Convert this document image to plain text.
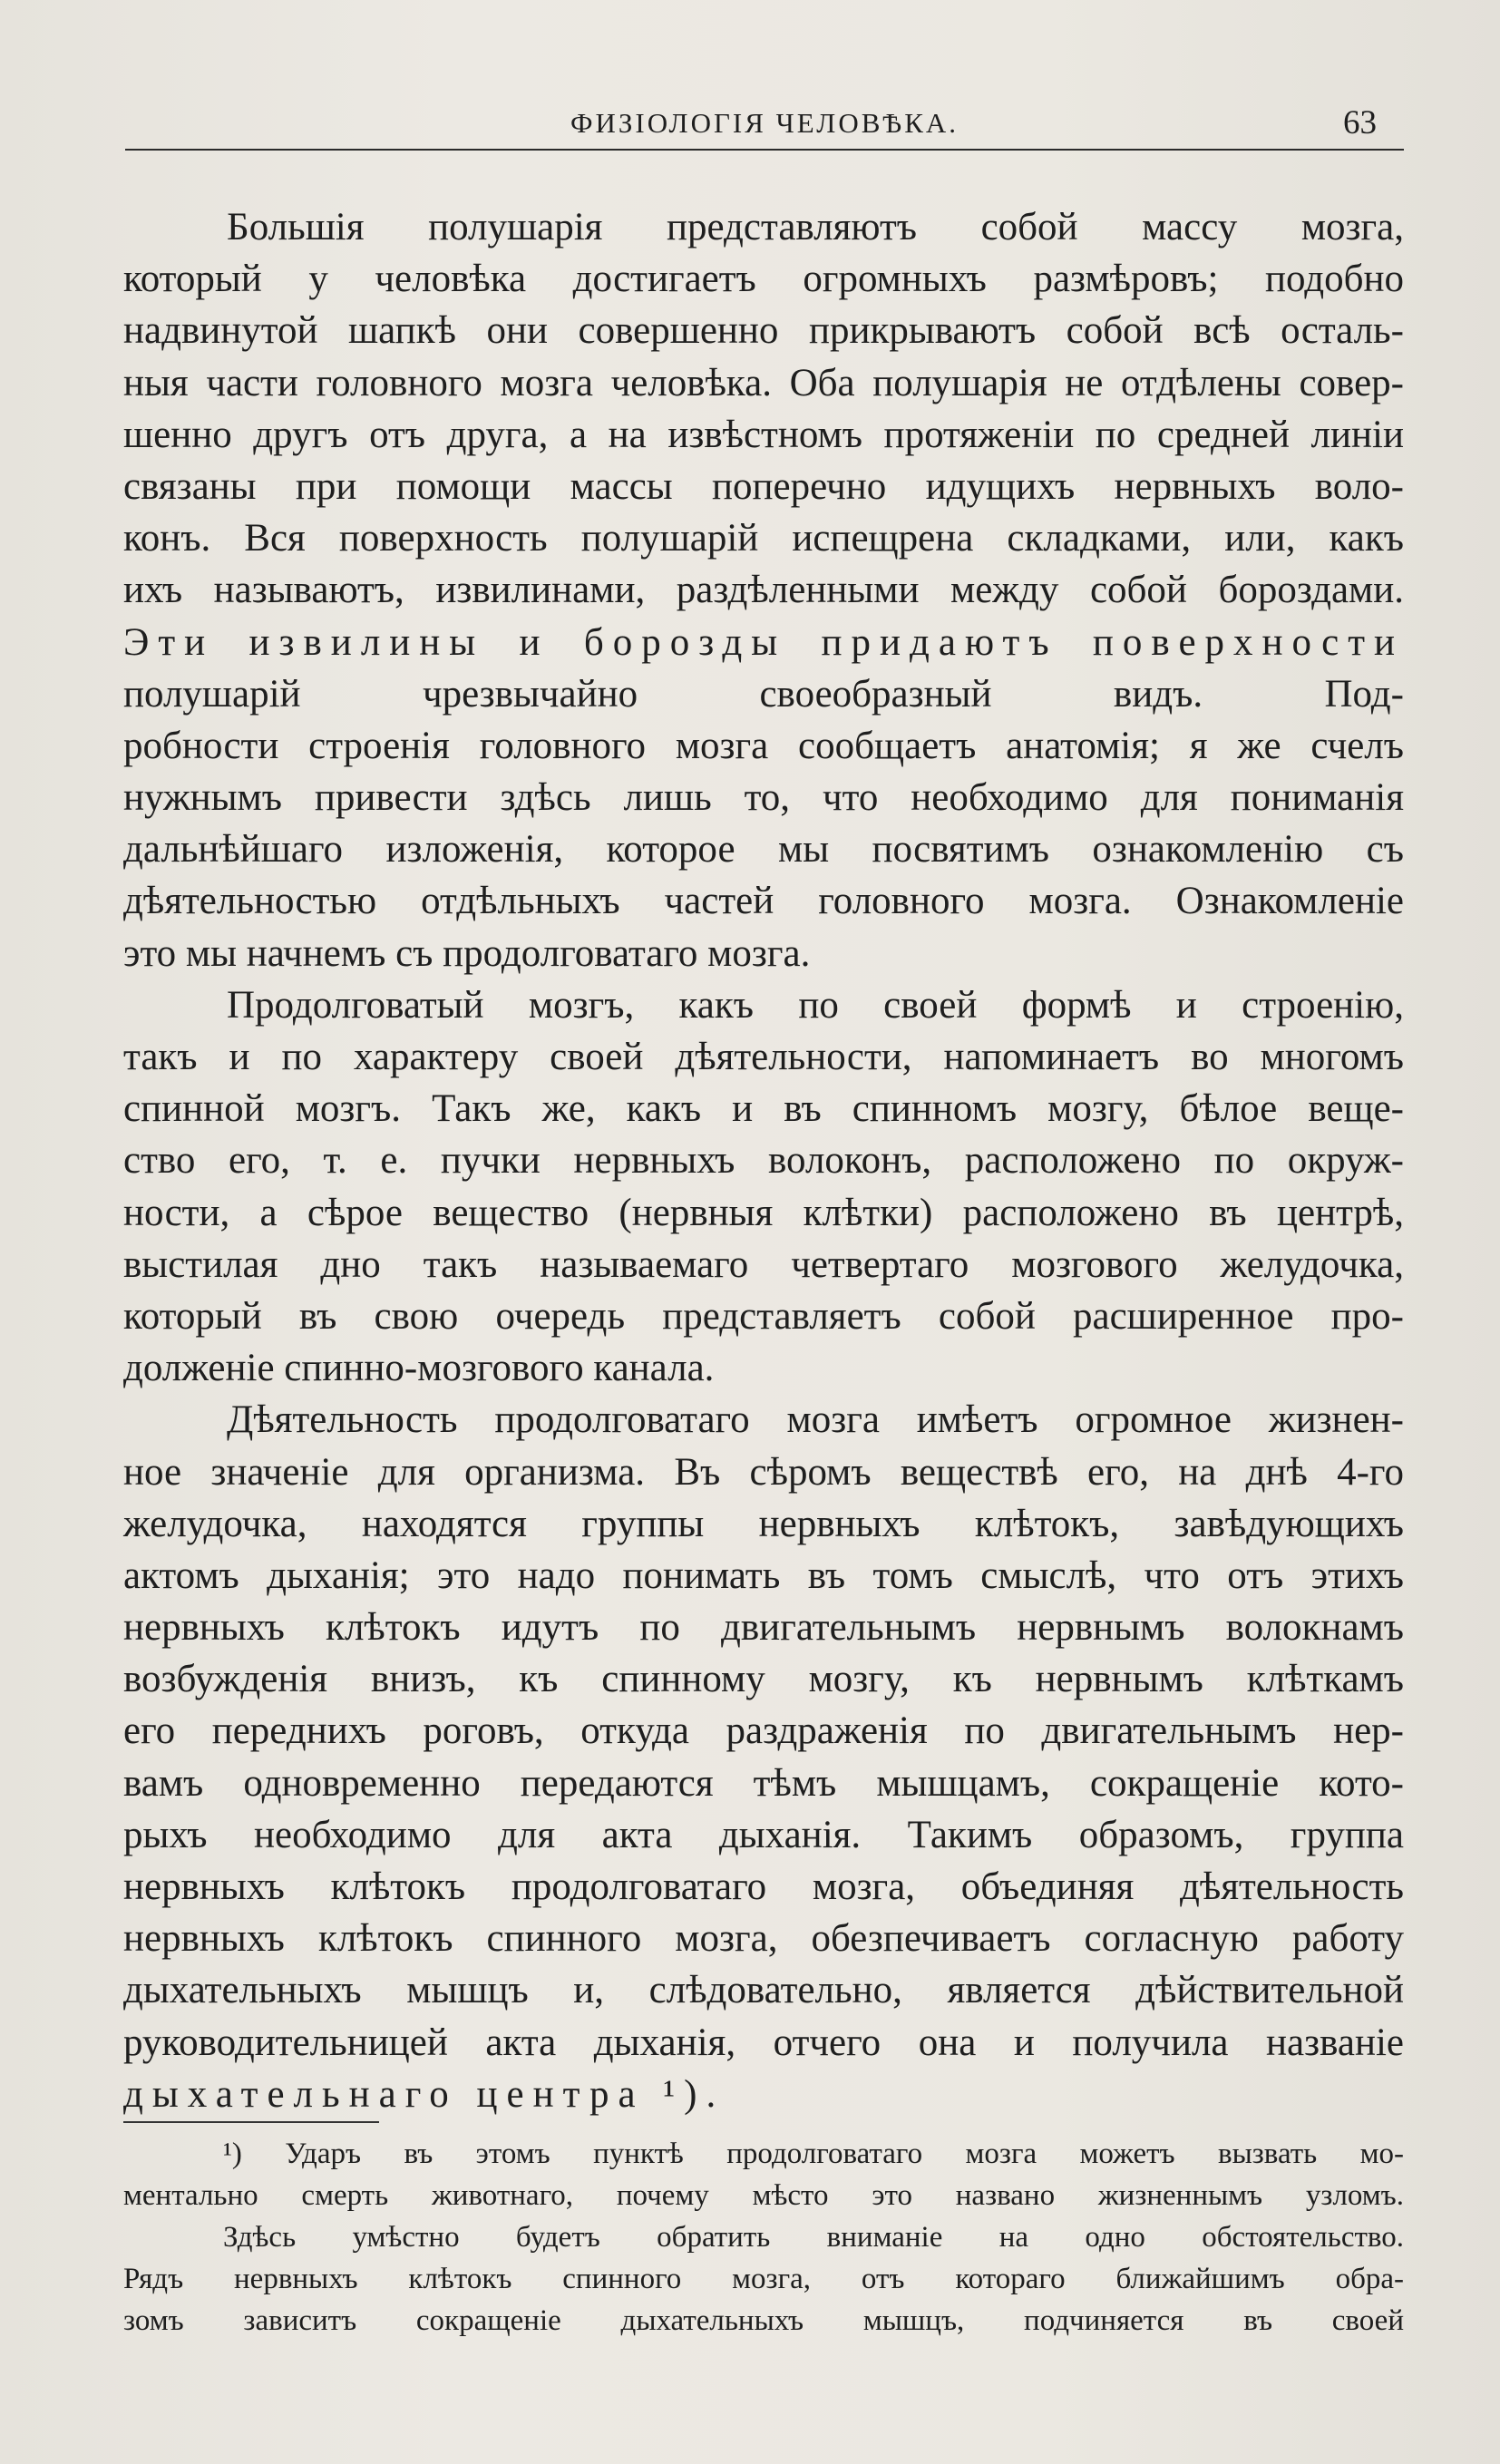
ФИЗIОЛОГIЯ ЧЕЛОВѢКА.	63
Большiя полушарiя представляютъ собой массу мозга,
который у человѣка достигаетъ огромныхъ размѣровъ; подобно
надвинутой шапкѣ они совершенно прикрываютъ собой всѣ осталь-
ныя части головного мозга человѣка. Оба полушарiя не отдѣлены совер-
шенно другъ отъ друга, а на извѣстномъ протяженiи по средней линiи
связаны при помощи массы поперечно идущихъ нервныхъ воло-
конъ. Вся поверхность полушарiй испещрена складками, или, какъ
ихъ называютъ, извилинами, раздѣленными между собой бороздами.
Эти извилины и борозды придаютъ поверхности
полушарiй чрезвычайно своеобразный видъ. Под-
робности строенiя головного мозга сообщаетъ анатомiя; я же счелъ
нужнымъ привести здѣсь лишь то, что необходимо для пониманiя
дальнѣйшаго изложенiя, которое мы посвятимъ ознакомленiю съ
дѣятельностью отдѣльныхъ частей головного мозга. Ознакомленiе
это мы начнемъ съ продолговатаго мозга.
Продолговатый мозгъ, какъ по своей формѣ и строенiю,
такъ и по характеру своей дѣятельности, напоминаетъ во многомъ
спинной мозгъ. Такъ же, какъ и въ спинномъ мозгу, бѣлое веще-
ство его, т. е. пучки нервныхъ волоконъ, расположено по окруж-
ности, а сѣрое вещество (нервныя клѣтки) расположено въ центрѣ,
выстилая дно такъ называемаго четвертаго мозгового желудочка,
который въ свою очередь представляетъ собой расширенное про-
долженiе спинно-мозгового канала.
Дѣятельность продолговатаго мозга имѣетъ огромное жизнен-
ное значенiе для организма. Въ сѣромъ веществѣ его, на днѣ 4-го
желудочка, находятся группы нервныхъ клѣтокъ, завѣдующихъ
актомъ дыханiя; это надо понимать въ томъ смыслѣ, что отъ этихъ
нервныхъ клѣтокъ идутъ по двигательнымъ нервнымъ волокнамъ
возбужденiя внизъ, къ спинному мозгу, къ нервнымъ клѣткамъ
его переднихъ роговъ, откуда раздраженiя по двигательнымъ нер-
вамъ одновременно передаются тѣмъ мышцамъ, сокращенiе кото-
рыхъ необходимо для акта дыханiя. Такимъ образомъ, группа
нервныхъ клѣтокъ продолговатаго мозга, объединяя дѣятельность
нервныхъ клѣтокъ спинного мозга, обезпечиваетъ согласную работу
дыхательныхъ мышцъ и, слѣдовательно, является дѣйствительной
руководительницей акта дыханiя, отчего она и получила названiе
дыхательнаго центра ¹).
¹) Ударъ въ этомъ пунктѣ продолговатаго мозга можетъ вызвать мо-
ментально смерть животнаго, почему мѣсто это названо жизненнымъ узломъ.
Здѣсь умѣстно будетъ обратить вниманiе на одно обстоятельство.
Рядъ нервныхъ клѣтокъ спинного мозга, отъ котораго ближайшимъ обра-
зомъ зависитъ сокращенiе дыхательныхъ мышцъ, подчиняется въ своей
